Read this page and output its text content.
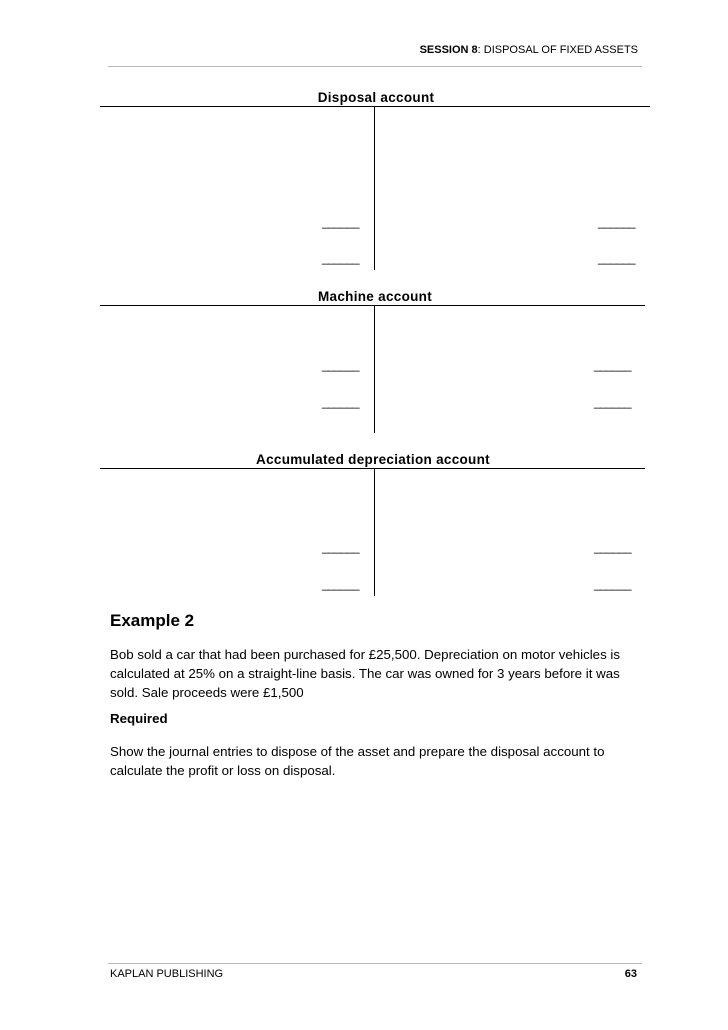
SESSION 8: DISPOSAL OF FIXED ASSETS
Disposal account
______	______
______	______
Machine account
______	______
______	______
Accumulated depreciation account
______	______
______	______
Example 2
Bob sold a car that had been purchased for £25,500. Depreciation on motor vehicles is calculated at 25% on a straight-line basis. The car was owned for 3 years before it was sold. Sale proceeds were £1,500
Required
Show the journal entries to dispose of the asset and prepare the disposal account to calculate the profit or loss on disposal.
KAPLAN PUBLISHING	63
